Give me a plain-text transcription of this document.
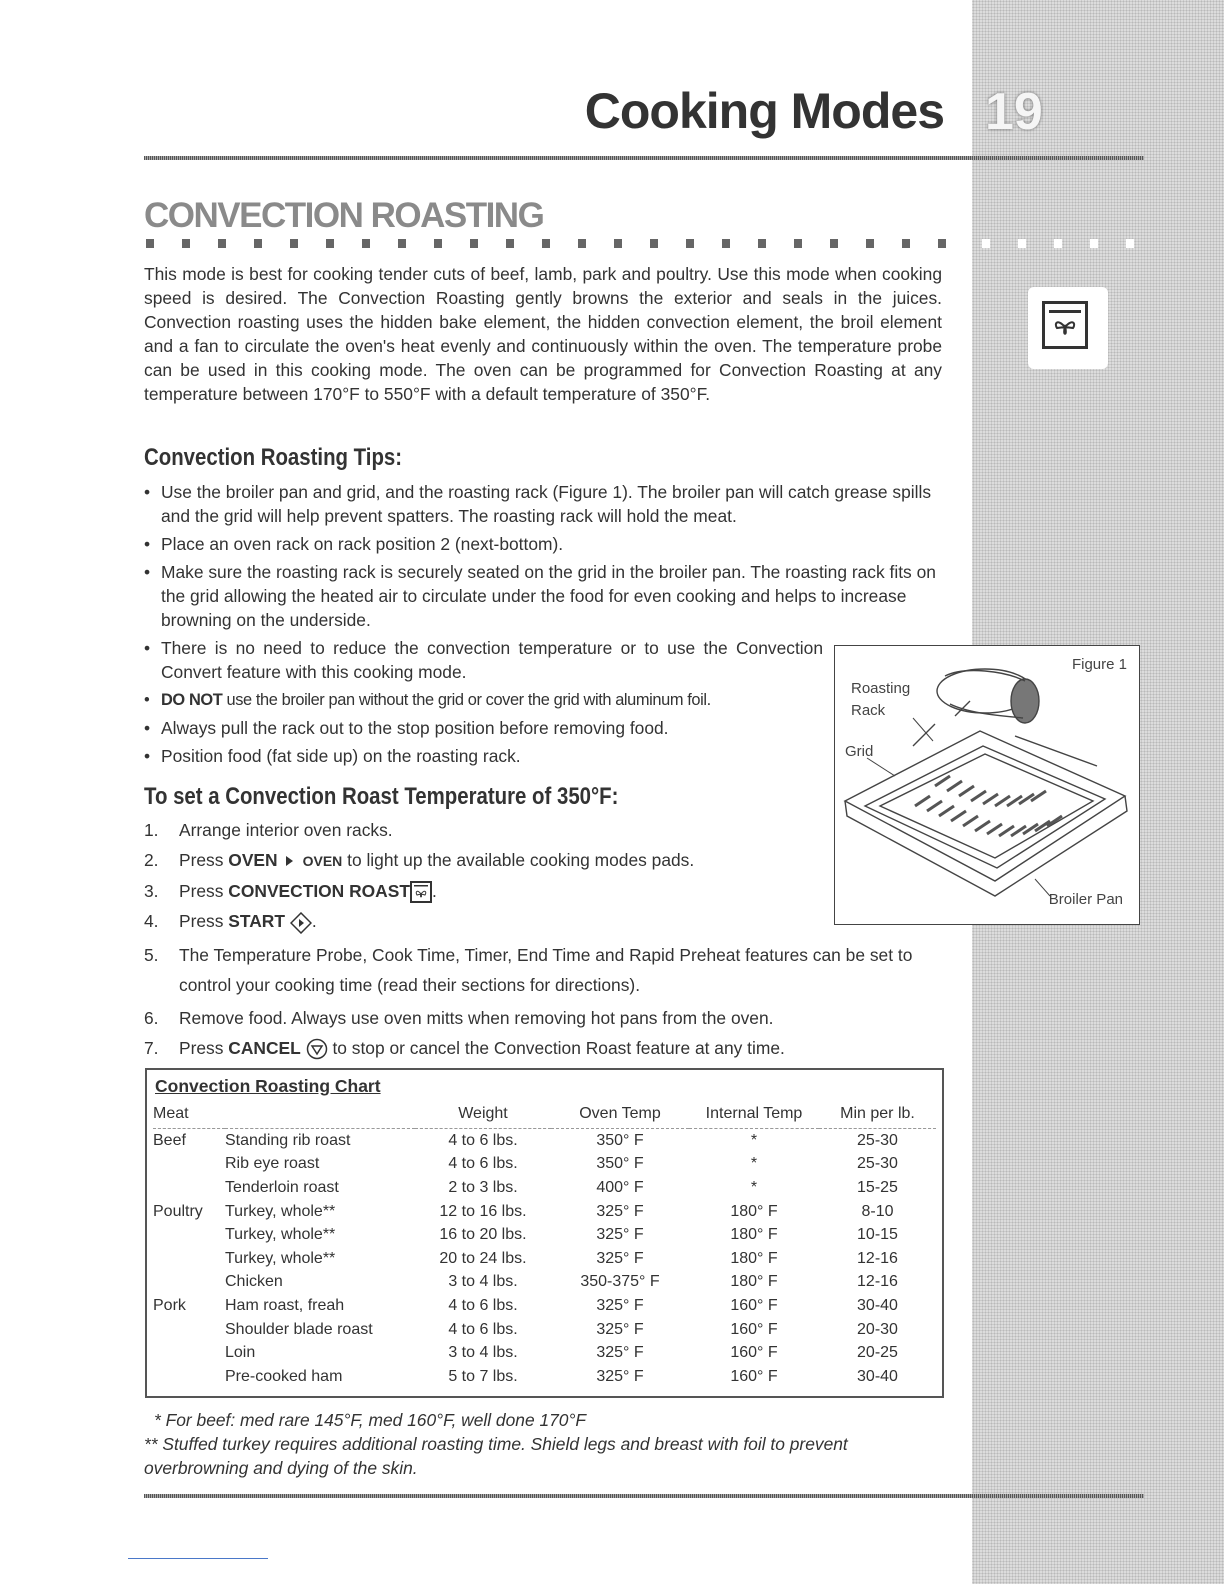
Cooking Modes 19
CONVECTION ROASTING

This mode is best for cooking tender cuts of beef, lamb, park and poultry. Use this mode when cooking speed is desired. The Convection Roasting gently browns the exterior and seals in the juices. Convection roasting uses the hidden bake element, the hidden convection element, the broil element and a fan to circulate the oven's heat evenly and continuously within the oven. The temperature probe can be used in this cooking mode. The oven can be programmed for Convection Roasting at any temperature between 170°F to 550°F with a default temperature of 350°F.

Convection Roasting Tips:
• Use the broiler pan and grid, and the roasting rack (Figure 1). The broiler pan will catch grease spills and the grid will help prevent spatters. The roasting rack will hold the meat.
• Place an oven rack on rack position 2 (next-bottom).
• Make sure the roasting rack is securely seated on the grid in the broiler pan. The roasting rack fits on the grid allowing the heated air to circulate under the food for even cooking and helps to increase browning on the underside.
• There is no need to reduce the convection temperature or to use the Convection Convert feature with this cooking mode.
• DO NOT use the broiler pan without the grid or cover the grid with aluminum foil.
• Always pull the rack out to the stop position before removing food.
• Position food (fat side up) on the roasting rack.
Figure 1
Roasting
Rack
Grid
Broiler Pan
To set a Convection Roast Temperature of 350°F:
1. Arrange interior oven racks.
2. Press OVEN OVEN to light up the available cooking modes pads.
3. Press CONVECTION ROAST .
4. Press START .
5. The Temperature Probe, Cook Time, Timer, End Time and Rapid Preheat features can be set to control your cooking time (read their sections for directions).
6. Remove food. Always use oven mitts when removing hot pans from the oven.
7. Press CANCEL  to stop or cancel the Convection Roast feature at any time.
Convection Roasting Chart
Meat		Weight	Oven Temp	Internal Temp	Min per lb.
Beef	Standing rib roast	4 to 6 lbs.	350° F	*	25-30
	Rib eye roast	4 to 6 lbs.	350° F	*	25-30
	Tenderloin roast	2 to 3 lbs.	400° F	*	15-25
Poultry	Turkey, whole**	12 to 16 lbs.	325° F	180° F	8-10
	Turkey, whole**	16 to 20 lbs.	325° F	180° F	10-15
	Turkey, whole**	20 to 24 lbs.	325° F	180° F	12-16
	Chicken	3 to 4 lbs.	350-375° F	180° F	12-16
Pork	Ham roast, freah	4 to 6 lbs.	325° F	160° F	30-40
	Shoulder blade roast	4 to 6 lbs.	325° F	160° F	20-30
	Loin	3 to 4 lbs.	325° F	160° F	20-25
	Pre-cooked ham	5 to 7 lbs.	325° F	160° F	30-40
* For beef: med rare 145°F, med 160°F, well done 170°F
** Stuffed turkey requires additional roasting time. Shield legs and breast with foil to prevent overbrowning and dying of the skin.
